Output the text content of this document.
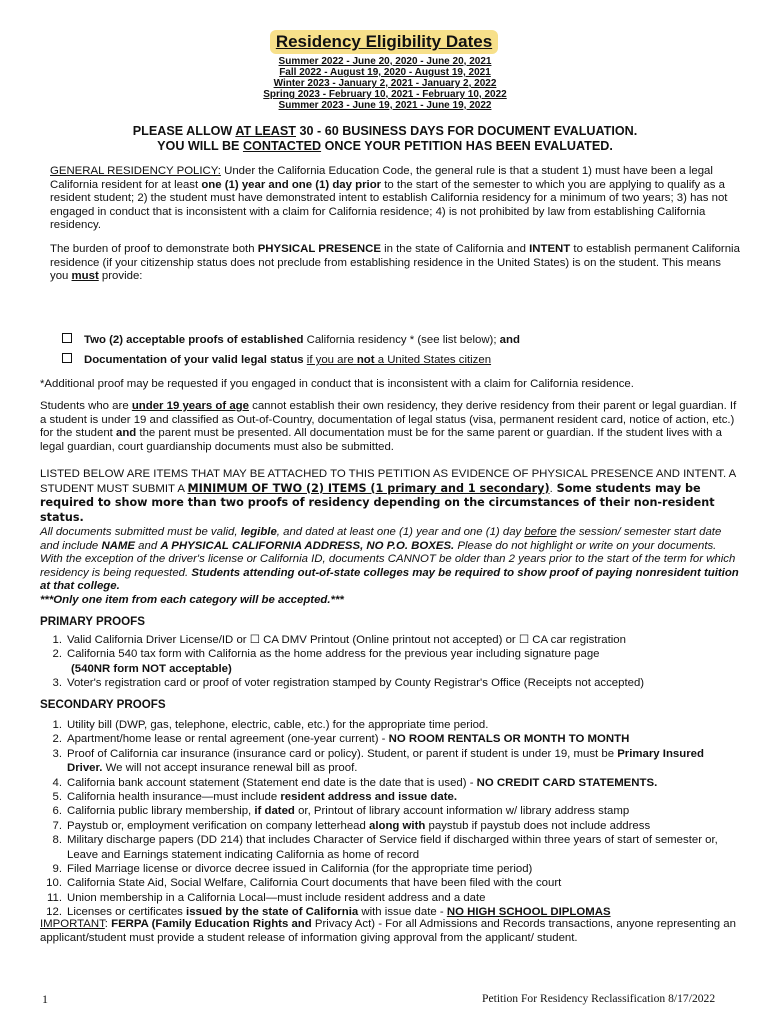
Residency Eligibility Dates
Summer 2022 - June 20, 2020 - June 20, 2021
Fall 2022 - August 19, 2020 - August 19, 2021
Winter 2023 - January 2, 2021 - January 2, 2022
Spring 2023 - February 10, 2021 - February 10, 2022
Summer 2023 - June 19, 2021 - June 19, 2022
PLEASE ALLOW AT LEAST 30 - 60 BUSINESS DAYS FOR DOCUMENT EVALUATION.
YOU WILL BE CONTACTED ONCE YOUR PETITION HAS BEEN EVALUATED.
GENERAL RESIDENCY POLICY: Under the California Education Code, the general rule is that a student 1) must have been a legal California resident for at least one (1) year and one (1) day prior to the start of the semester to which you are applying to qualify as a resident student; 2) the student must have demonstrated intent to establish California residency for a minimum of two years; 3) has not engaged in conduct that is inconsistent with a claim for California residence; 4) is not prohibited by law from establishing California residency.
The burden of proof to demonstrate both PHYSICAL PRESENCE in the state of California and INTENT to establish permanent California residence (if your citizenship status does not preclude from establishing residence in the United States) is on the student. This means you must provide:
Two (2) acceptable proofs of established California residency * (see list below); and
Documentation of your valid legal status if you are not a United States citizen
*Additional proof may be requested if you engaged in conduct that is inconsistent with a claim for California residence.
Students who are under 19 years of age cannot establish their own residency, they derive residency from their parent or legal guardian. If a student is under 19 and classified as Out-of-Country, documentation of legal status (visa, permanent resident card, notice of action, etc.) for the student and the parent must be presented. All documentation must be for the same parent or guardian. If the student lives with a legal guardian, court guardianship documents must also be submitted.
LISTED BELOW ARE ITEMS THAT MAY BE ATTACHED TO THIS PETITION AS EVIDENCE OF PHYSICAL PRESENCE AND INTENT. A STUDENT MUST SUBMIT A MINIMUM OF TWO (2) ITEMS (1 primary and 1 secondary). Some students may be required to show more than two proofs of residency depending on the circumstances of their non-resident status.
All documents submitted must be valid, legible, and dated at least one (1) year and one (1) day before the session/ semester start date and include NAME and A PHYSICAL CALIFORNIA ADDRESS, NO P.O. BOXES. Please do not highlight or write on your documents. With the exception of the driver's license or California ID, documents CANNOT be older than 2 years prior to the start of the term for which residency is being requested. Students attending out-of-state colleges may be required to show proof of paying nonresident tuition at that college.
***Only one item from each category will be accepted.***
PRIMARY PROOFS
1. Valid California Driver License/ID or ☐ CA DMV Printout (Online printout not accepted) or ☐ CA car registration
2. California 540 tax form with California as the home address for the previous year including signature page
(540NR form NOT acceptable)
3. Voter's registration card or proof of voter registration stamped by County Registrar's Office (Receipts not accepted)
SECONDARY PROOFS
1. Utility bill (DWP, gas, telephone, electric, cable, etc.) for the appropriate time period.
2. Apartment/home lease or rental agreement (one-year current) - NO ROOM RENTALS OR MONTH TO MONTH
3. Proof of California car insurance (insurance card or policy). Student, or parent if student is under 19, must be Primary Insured Driver. We will not accept insurance renewal bill as proof.
4. California bank account statement (Statement end date is the date that is used) - NO CREDIT CARD STATEMENTS.
5. California health insurance—must include resident address and issue date.
6. California public library membership, if dated or, Printout of library account information w/ library address stamp
7. Paystub or, employment verification on company letterhead along with paystub if paystub does not include address
8. Military discharge papers (DD 214) that includes Character of Service field if discharged within three years of start of semester or, Leave and Earnings statement indicating California as home of record
9. Filed Marriage license or divorce decree issued in California (for the appropriate time period)
10. California State Aid, Social Welfare, California Court documents that have been filed with the court
11. Union membership in a California Local—must include resident address and a date
12. Licenses or certificates issued by the state of California with issue date - NO HIGH SCHOOL DIPLOMAS
IMPORTANT: FERPA (Family Education Rights and Privacy Act) - For all Admissions and Records transactions, anyone representing an applicant/student must provide a student release of information giving approval from the applicant/ student.
1	Petition For Residency Reclassification 8/17/2022
